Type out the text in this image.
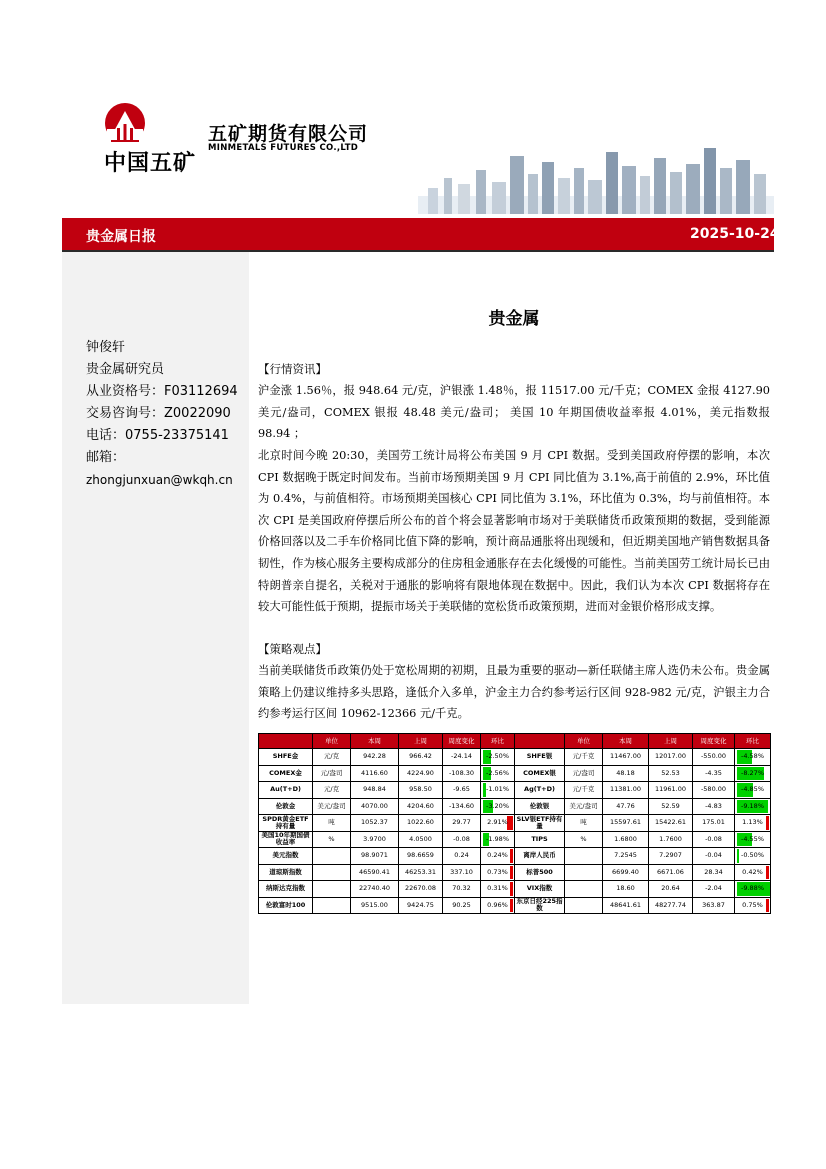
中国五矿
五矿期货有限公司
MINMETALS FUTURES CO.,LTD
贵金属日报	2025-10-24
钟俊轩
贵金属研究员
从业资格号：F03112694
交易咨询号：Z0022090
电话：0755-23375141
邮箱：
zhongjunxuan@wkqh.cn
贵金属
【行情资讯】
沪金涨 1.56％，报 948.64 元/克，沪银涨 1.48％，报 11517.00 元/千克；COMEX 金报 4127.90 美元/盎司，COMEX 银报 48.48 美元/盎司； 美国 10 年期国债收益率报 4.01%，美元指数报 98.94 ；
北京时间今晚 20:30，美国劳工统计局将公布美国 9 月 CPI 数据。受到美国政府停摆的影响，本次 CPI 数据晚于既定时间发布。当前市场预期美国 9 月 CPI 同比值为 3.1%,高于前值的 2.9%，环比值为 0.4%，与前值相符。市场预期美国核心 CPI 同比值为 3.1%，环比值为 0.3%，均与前值相符。本次 CPI 是美国政府停摆后所公布的首个将会显著影响市场对于美联储货币政策预期的数据，受到能源价格回落以及二手车价格同比值下降的影响，预计商品通胀将出现缓和，但近期美国地产销售数据具备韧性，作为核心服务主要构成部分的住房租金通胀存在去化缓慢的可能性。当前美国劳工统计局长已由特朗普亲自提名，关税对于通胀的影响将有限地体现在数据中。因此，我们认为本次 CPI 数据将存在较大可能性低于预期，提振市场关于美联储的宽松货币政策预期，进而对金银价格形成支撑。
【策略观点】
当前美联储货币政策仍处于宽松周期的初期，且最为重要的驱动—新任联储主席人选仍未公布。贵金属策略上仍建议维持多头思路，逢低介入多单，沪金主力合约参考运行区间 928-982 元/克，沪银主力合约参考运行区间 10962-12366 元/千克。
	单位	本周	上周	周度变化	环比		单位	本周	上周	周度变化	环比
SHFE金	元/克	942.28	966.42	-24.14	-2.50%	SHFE银	元/千克	11467.00	12017.00	-550.00	-4.58%
COMEX金	元/盎司	4116.60	4224.90	-108.30	-2.56%	COMEX银	元/盎司	48.18	52.53	-4.35	-8.27%
Au(T+D)	元/克	948.84	958.50	-9.65	-1.01%	Ag(T+D)	元/千克	11381.00	11961.00	-580.00	-4.85%
伦敦金	美元/盎司	4070.00	4204.60	-134.60	-3.20%	伦敦银	美元/盎司	47.76	52.59	-4.83	-9.18%
SPDR黄金ETF持有量	吨	1052.37	1022.60	29.77	2.91%	SLV银ETF持有量	吨	15597.61	15422.61	175.01	1.13%
美国10年期国债收益率	%	3.9700	4.0500	-0.08	-1.98%	TIPS	%	1.6800	1.7600	-0.08	-4.55%
美元指数		98.9071	98.6659	0.24	0.24%	离岸人民币		7.2545	7.2907	-0.04	-0.50%
道琼斯指数		46590.41	46253.31	337.10	0.73%	标普500		6699.40	6671.06	28.34	0.42%
纳斯达克指数		22740.40	22670.08	70.32	0.31%	VIX指数		18.60	20.64	-2.04	-9.88%
伦敦富时100		9515.00	9424.75	90.25	0.96%	东京日经225指数		48641.61	48277.74	363.87	0.75%
